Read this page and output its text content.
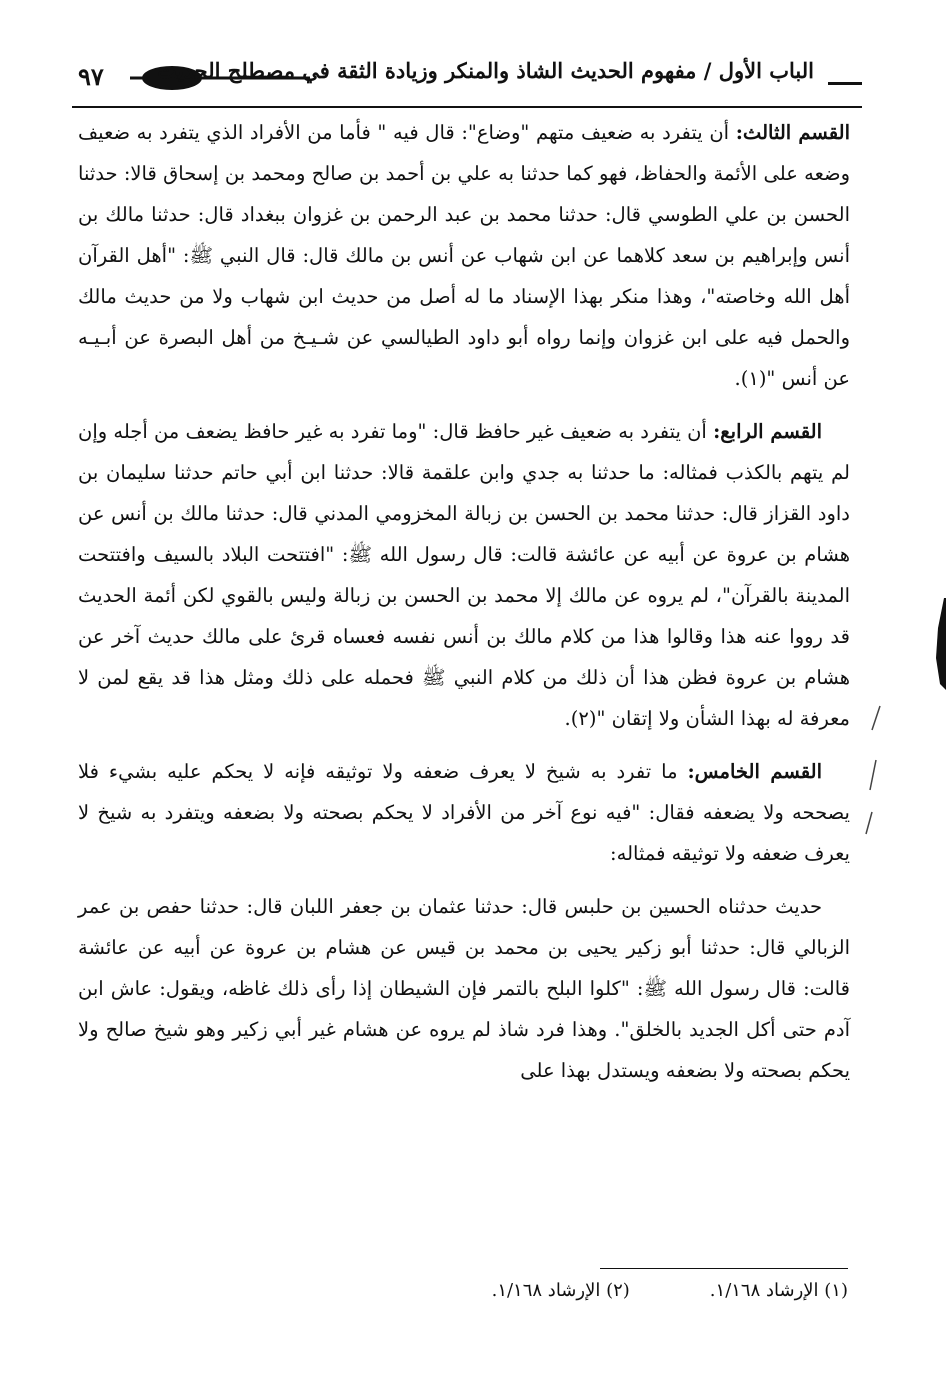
٩٧	الباب الأول / مفهوم الحديث الشاذ والمنكر وزيادة الثقة في مصطلح الحديث

القسم الثالث: أن يتفرد به ضعيف متهم "وضاع": قال فيه " فأما من الأفراد الذي يتفرد به ضعيف وضعه على الأئمة والحفاظ، فهو كما حدثنا به علي بن أحمد بن صالح ومحمد بن إسحاق قالا: حدثنا الحسن بن علي الطوسي قال: حدثنا محمد بن عبد الرحمن بن غزوان ببغداد قال: حدثنا مالك بن أنس وإبراهيم بن سعد كلاهما عن ابن شهاب عن أنس بن مالك قال: قال النبي ﷺ: "أهل القرآن أهل الله وخاصته"، وهذا منكر بهذا الإسناد ما له أصل من حديث ابن شهاب ولا من حديث مالك والحمل فيه على ابن غزوان وإنما رواه أبو داود الطيالسي عن شـيـخ من أهل البصرة عن أبـيـه عن أنس "(١).

القسم الرابع: أن يتفرد به ضعيف غير حافظ قال: "وما تفرد به غير حافظ يضعف من أجله وإن لم يتهم بالكذب فمثاله: ما حدثنا به جدي وابن علقمة قالا: حدثنا ابن أبي حاتم حدثنا سليمان بن داود القزاز قال: حدثنا محمد بن الحسن بن زبالة المخزومي المدني قال: حدثنا مالك بن أنس عن هشام بن عروة عن أبيه عن عائشة قالت: قال رسول الله ﷺ: "افتتحت البلاد بالسيف وافتتحت المدينة بالقرآن"، لم يروه عن مالك إلا محمد بن الحسن بن زبالة وليس بالقوي لكن أئمة الحديث قد رووا عنه هذا وقالوا هذا من كلام مالك بن أنس نفسه فعساه قرئ على مالك حديث آخر عن هشام بن عروة فظن هذا أن ذلك من كلام النبي ﷺ فحمله على ذلك ومثل هذا قد يقع لمن لا معرفة له بهذا الشأن ولا إتقان "(٢).

القسم الخامس: ما تفرد به شيخ لا يعرف ضعفه ولا توثيقه فإنه لا يحكم عليه بشيء فلا يصححه ولا يضعفه فقال: "فيه نوع آخر من الأفراد لا يحكم بصحته ولا بضعفه ويتفرد به شيخ لا يعرف ضعفه ولا توثيقه فمثاله:

حديث حدثناه الحسين بن حلبس قال: حدثنا عثمان بن جعفر اللبان قال: حدثنا حفص بن عمر الزبالي قال: حدثنا أبو زكير يحيى بن محمد بن قيس عن هشام بن عروة عن أبيه عن عائشة قالت: قال رسول الله ﷺ: "كلوا البلح بالتمر فإن الشيطان إذا رأى ذلك غاظه، ويقول: عاش ابن آدم حتى أكل الجديد بالخلق". وهذا فرد شاذ لم يروه عن هشام غير أبي زكير وهو شيخ صالح ولا يحكم بصحته ولا بضعفه ويستدل بهذا على

(١) الإرشاد ١/١٦٨.
(٢) الإرشاد ١/١٦٨.
